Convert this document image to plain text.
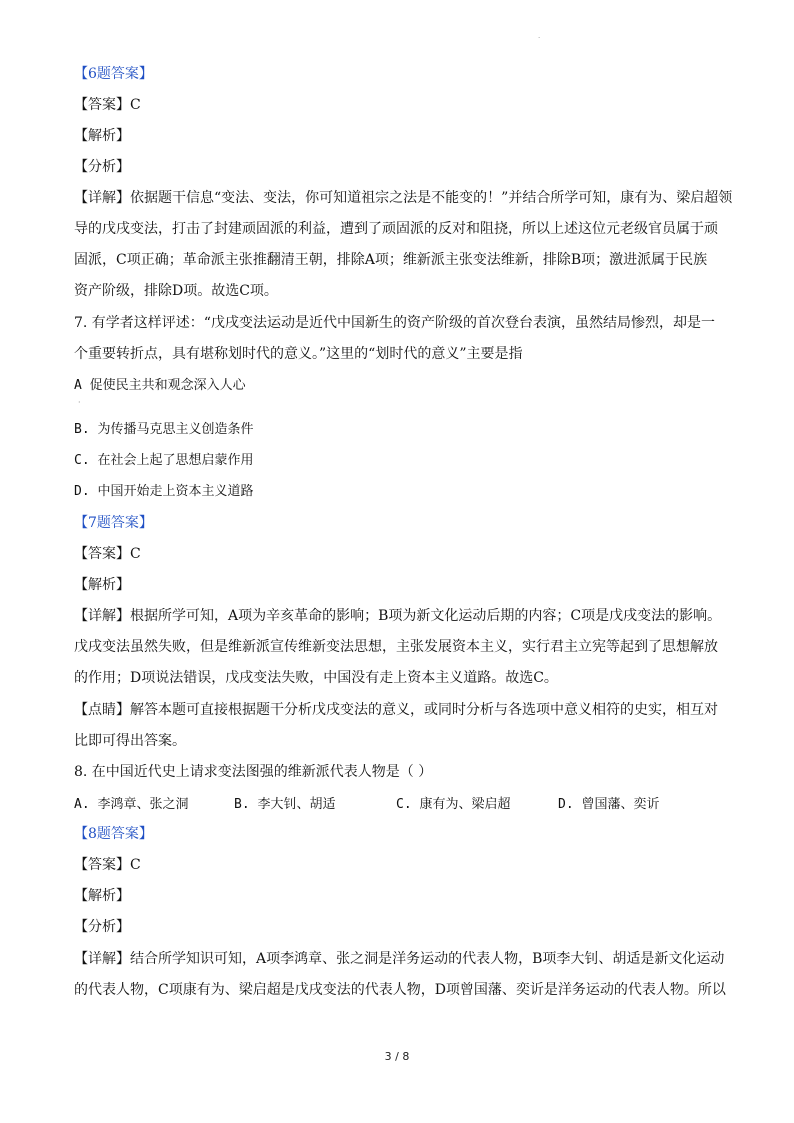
.
【6题答案】
【答案】C
【解析】
【分析】
【详解】依据题干信息“变法、变法，你可知道祖宗之法是不能变的！”并结合所学可知，康有为、梁启超领
导的戊戌变法，打击了封建顽固派的利益，遭到了顽固派的反对和阻挠，所以上述这位元老级官员属于顽
固派，C项正确；革命派主张推翻清王朝，排除A项；维新派主张变法维新，排除B项；激进派属于民族
资产阶级，排除D项。故选C项。
7. 有学者这样评述：“戊戌变法运动是近代中国新生的资产阶级的首次登台表演，虽然结局惨烈，却是一
个重要转折点，具有堪称划时代的意义。”这里的“划时代的意义”主要是指
A 促使民主共和观念深入人心
·
B. 为传播马克思主义创造条件
C. 在社会上起了思想启蒙作用
D. 中国开始走上资本主义道路
【7题答案】
【答案】C
【解析】
【详解】根据所学可知，A项为辛亥革命的影响；B项为新文化运动后期的内容；C项是戊戌变法的影响。
戊戌变法虽然失败，但是维新派宣传维新变法思想，主张发展资本主义，实行君主立宪等起到了思想解放
的作用；D项说法错误，戊戌变法失败，中国没有走上资本主义道路。故选C。
【点睛】解答本题可直接根据题干分析戊戌变法的意义，或同时分析与各选项中意义相符的史实，相互对
比即可得出答案。
8. 在中国近代史上请求变法图强的维新派代表人物是（ ）
A. 李鸿章、张之洞	B. 李大钊、胡适	C. 康有为、梁启超	D. 曾国藩、奕䜣
【8题答案】
【答案】C
【解析】
【分析】
【详解】结合所学知识可知，A项李鸿章、张之洞是洋务运动的代表人物，B项李大钊、胡适是新文化运动
的代表人物，C项康有为、梁启超是戊戌变法的代表人物，D项曾国藩、奕䜣是洋务运动的代表人物。所以
3 / 8
